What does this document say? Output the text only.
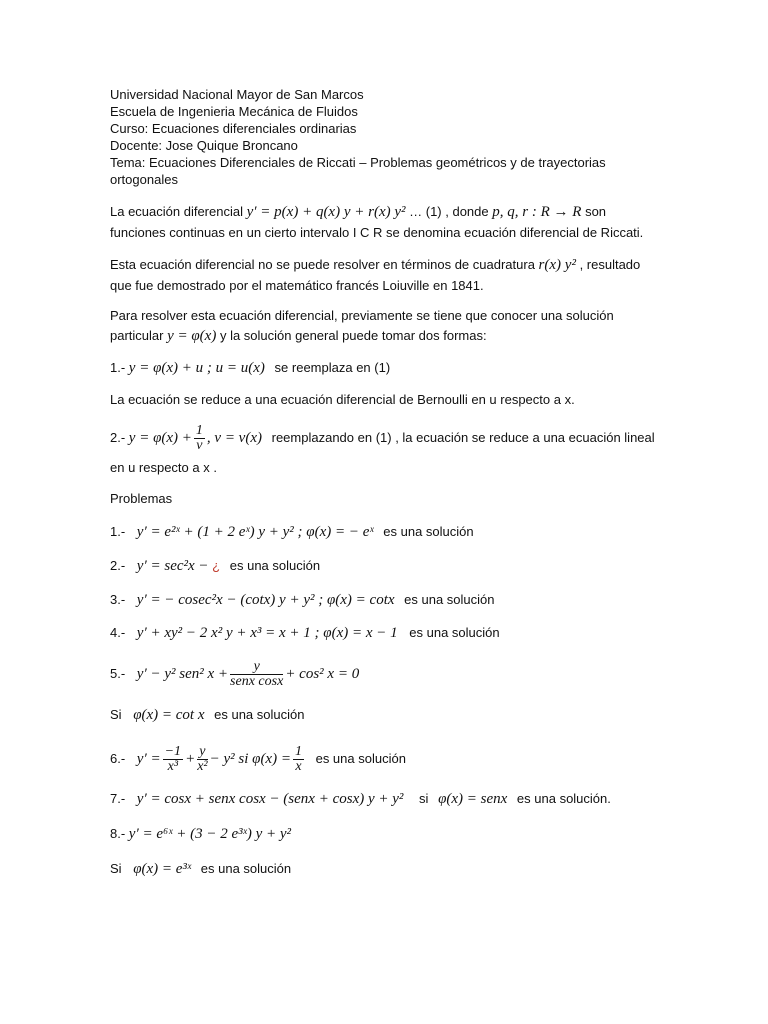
Universidad Nacional Mayor de San Marcos
Escuela de Ingenieria Mecánica de Fluidos
Curso: Ecuaciones diferenciales ordinarias
Docente: Jose Quique Broncano
Tema: Ecuaciones Diferenciales de Riccati – Problemas geométricos y de trayectorias
ortogonales
La ecuación diferencial y′ = p(x) + q(x) y + r(x) y² … (1) , donde p, q, r : R → R son
funciones continuas en un cierto intervalo I C R se denomina ecuación diferencial de Riccati.
Esta ecuación diferencial no se puede resolver en términos de cuadratura r(x) y² , resultado
que fue demostrado por el matemático francés Loiuville en 1841.
Para resolver esta ecuación diferencial, previamente se tiene que conocer una solución
particular y = φ(x) y la solución general puede tomar dos formas:
1.- y = φ(x) + u ; u = u(x) se reemplaza en (1)
La ecuación se reduce a una ecuación diferencial de Bernoulli en u respecto a x.
2.- $y = \varphi(x) + \frac{1}{v}$ , v = v(x) reemplazando en (1) , la ecuación se reduce a una ecuación lineal
en u respecto a x .
Problemas
1.- y′ = e²ˣ + (1 + 2 eˣ) y + y² ; φ(x) = − eˣ es una solución
2.- y′ = sec²x − ¿ es una solución
3.- y′ = − cosec²x − (cotx) y + y² ; φ(x) = cotx es una solución
4.- y′ + xy² − 2 x² y + x³ = x + 1 ; φ(x) = x − 1 es una solución
5.- y′ − y² sen² $x + \frac{y}{\text{senx cosx}} + \cos^2$ x = 0
Si φ(x) = cot x es una solución
6.- $y' = \frac{-1}{\text{x³}} + \frac{y}{\text{x²}} - y^2$ si $\varphi(x) = \frac{1}{x}$ es una solución
7.- y′ = cosx + senx cosx − (senx + cosx) y + y² si φ(x) = senx es una solución.
8.- y′ = e⁶ˣ + (3 − 2 e³ˣ) y + y²
Si φ(x) = e³ˣ es una solución
